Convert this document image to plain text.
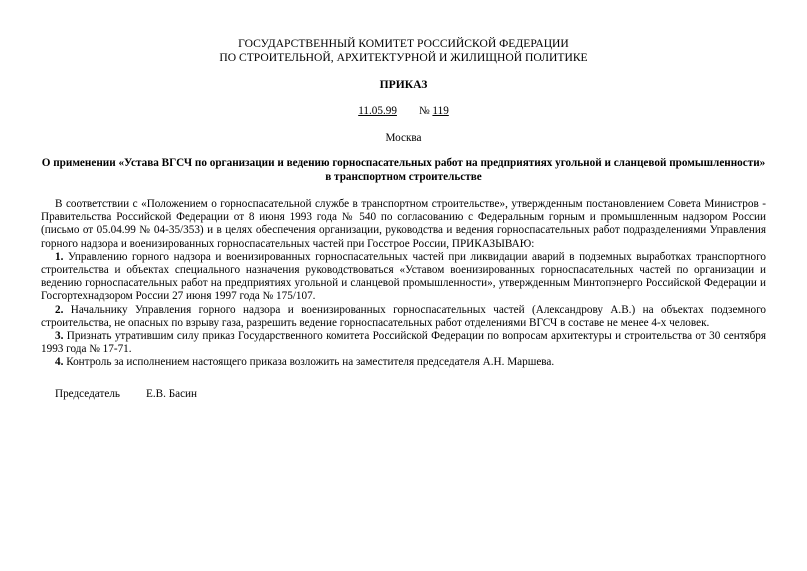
ГОСУДАРСТВЕННЫЙ КОМИТЕТ РОССИЙСКОЙ ФЕДЕРАЦИИ
ПО СТРОИТЕЛЬНОЙ, АРХИТЕКТУРНОЙ И ЖИЛИЩНОЙ ПОЛИТИКЕ
ПРИКАЗ
11.05.99 № 119
Москва
О применении «Устава ВГСЧ по организации и ведению горноспасательных работ на предприятиях угольной и сланцевой промышленности» в транспортном строительстве

В соответствии с «Положением о горноспасательной службе в транспортном строительстве», утвержденным постановлением Совета Министров - Правительства Российской Федерации от 8 июня 1993 года № 540 по согласованию с Федеральным горным и промышленным надзором России (письмо от 05.04.99 № 04-35/353) и в целях обеспечения организации, руководства и ведения горноспасательных работ подразделениями Управления горного надзора и военизированных горноспасательных частей при Госстрое России, ПРИКАЗЫВАЮ:

1. Управлению горного надзора и военизированных горноспасательных частей при ликвидации аварий в подземных выработках транспортного строительства и объектах специального назначения руководствоваться «Уставом военизированных горноспасательных частей по организации и ведению горноспасательных работ на предприятиях угольной и сланцевой промышленности», утвержденным Минтопэнерго Российской Федерации и Госгортехнадзором России 27 июня 1997 года № 175/107.

2. Начальнику Управления горного надзора и военизированных горноспасательных частей (Александрову А.В.) на объектах подземного строительства, не опасных по взрыву газа, разрешить ведение горноспасательных работ отделениями ВГСЧ в составе не менее 4-х человек.

3. Признать утратившим силу приказ Государственного комитета Российской Федерации по вопросам архитектуры и строительства от 30 сентября 1993 года № 17-71.

4. Контроль за исполнением настоящего приказа возложить на заместителя председателя А.Н. Маршева.

Председатель Е.В. Басин
